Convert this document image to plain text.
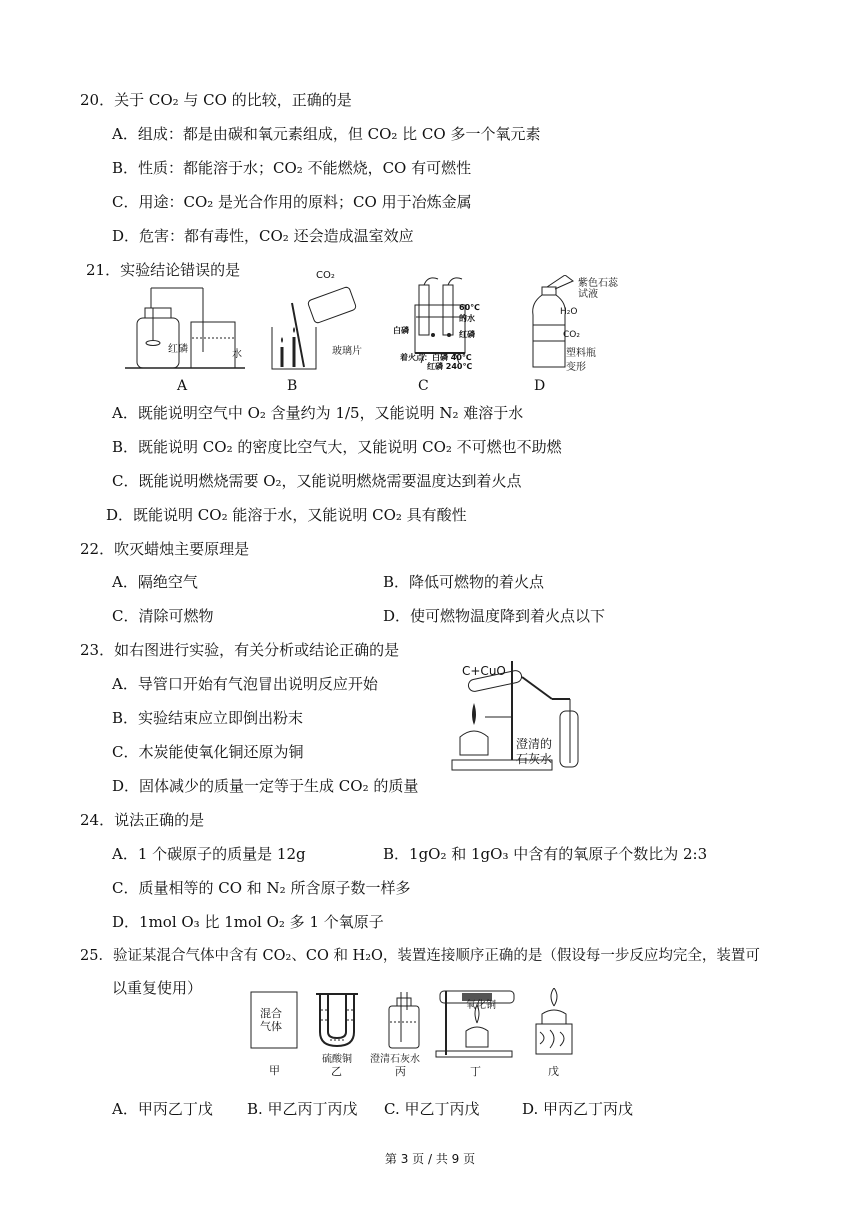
20．关于 CO₂ 与 CO 的比较，正确的是
A．组成：都是由碳和氧元素组成，但 CO₂ 比 CO 多一个氧元素
B．性质：都能溶于水；CO₂ 不能燃烧，CO 有可燃性
C．用途：CO₂ 是光合作用的原料；CO 用于冶炼金属
D．危害：都有毒性，CO₂ 还会造成温室效应
21．实验结论错误的是
红磷	水
A
CO₂
玻璃片
B
60℃
的水
白磷	红磷
着火点：白磷 40℃
红磷 240℃
C
紫色石蕊试液
H₂O
CO₂
塑料瓶
变形
D
A．既能说明空气中 O₂ 含量约为 1/5，又能说明 N₂ 难溶于水
B．既能说明 CO₂ 的密度比空气大，又能说明 CO₂ 不可燃也不助燃
C．既能说明燃烧需要 O₂，又能说明燃烧需要温度达到着火点
D．既能说明 CO₂ 能溶于水，又能说明 CO₂ 具有酸性
22．吹灭蜡烛主要原理是
A．隔绝空气	B．降低可燃物的着火点
C．清除可燃物	D．使可燃物温度降到着火点以下
23．如右图进行实验，有关分析或结论正确的是
A．导管口开始有气泡冒出说明反应开始
B．实验结束应立即倒出粉末
C．木炭能使氧化铜还原为铜
D．固体减少的质量一定等于生成 CO₂ 的质量
C+CuO
澄清的
石灰水
24．说法正确的是
A．1 个碳原子的质量是 12g	B．1gO₂ 和 1gO₃ 中含有的氧原子个数比为 2:3
C．质量相等的 CO 和 N₂ 所含原子数一样多
D．1mol O₃ 比 1mol O₂ 多 1 个氧原子
25．验证某混合气体中含有 CO₂、CO 和 H₂O，装置连接顺序正确的是（假设每一步反应均完全，装置可
以重复使用）
混合
气体
甲
硫酸铜
乙
澄清石灰水
丙
氧化铜
丁	戊
A．甲丙乙丁戊 B. 甲乙丙丁丙戊 C. 甲乙丁丙戊	D. 甲丙乙丁丙戊
第 3 页 / 共 9 页
